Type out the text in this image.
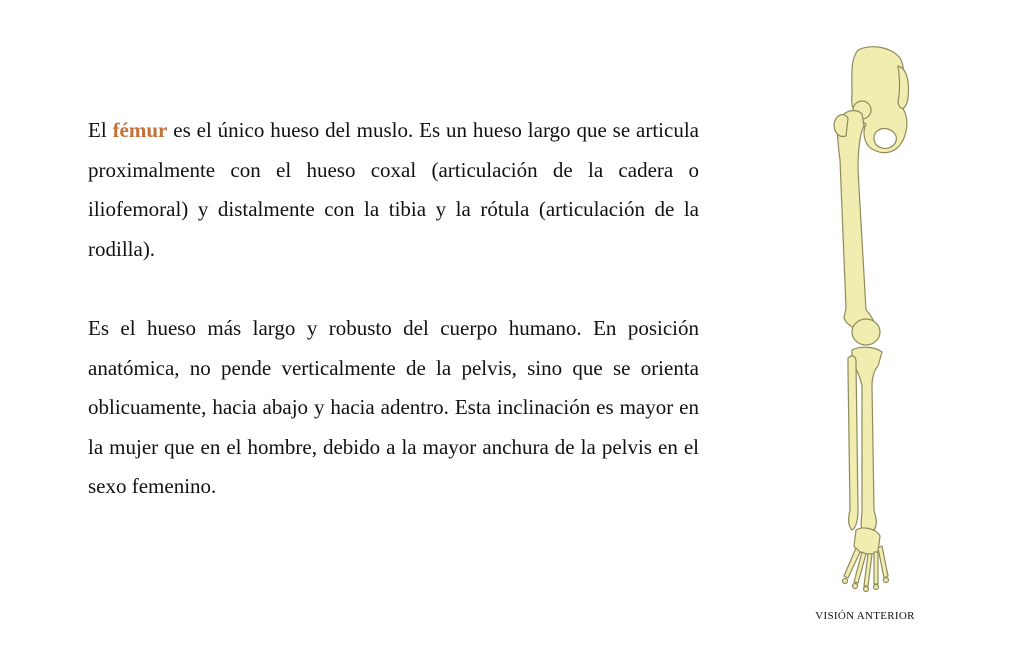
El fémur es el único hueso del muslo. Es un hueso largo que se articula proximalmente con el hueso coxal (articulación de la cadera o iliofemoral) y distalmente con la tibia y la rótula (articulación de la rodilla).

Es el hueso más largo y robusto del cuerpo humano. En posición anatómica, no pende verticalmente de la pelvis, sino que se orienta oblicuamente, hacia abajo y hacia adentro. Esta inclinación es mayor en la mujer que en el hombre, debido a la mayor anchura de la pelvis en el sexo femenino.

VISIÓN ANTERIOR
